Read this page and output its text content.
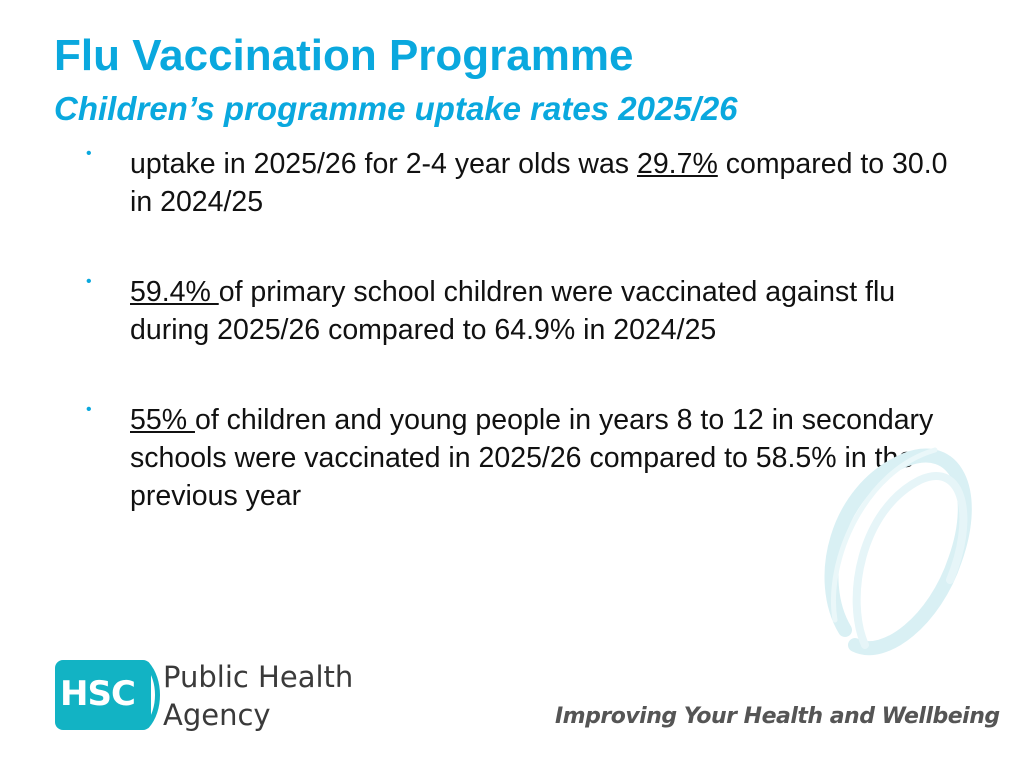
Flu Vaccination Programme
Children’s programme uptake rates 2025/26
• uptake in 2025/26 for 2-4 year olds was 29.7% compared to 30.0 in 2024/25
• 59.4% of primary school children were vaccinated against flu during 2025/26 compared to 64.9% in 2024/25
• 55% of children and young people in years 8 to 12 in secondary schools were vaccinated in 2025/26 compared to 58.5% in the previous year
HSC Public Health
Agency	Improving Your Health and Wellbeing
